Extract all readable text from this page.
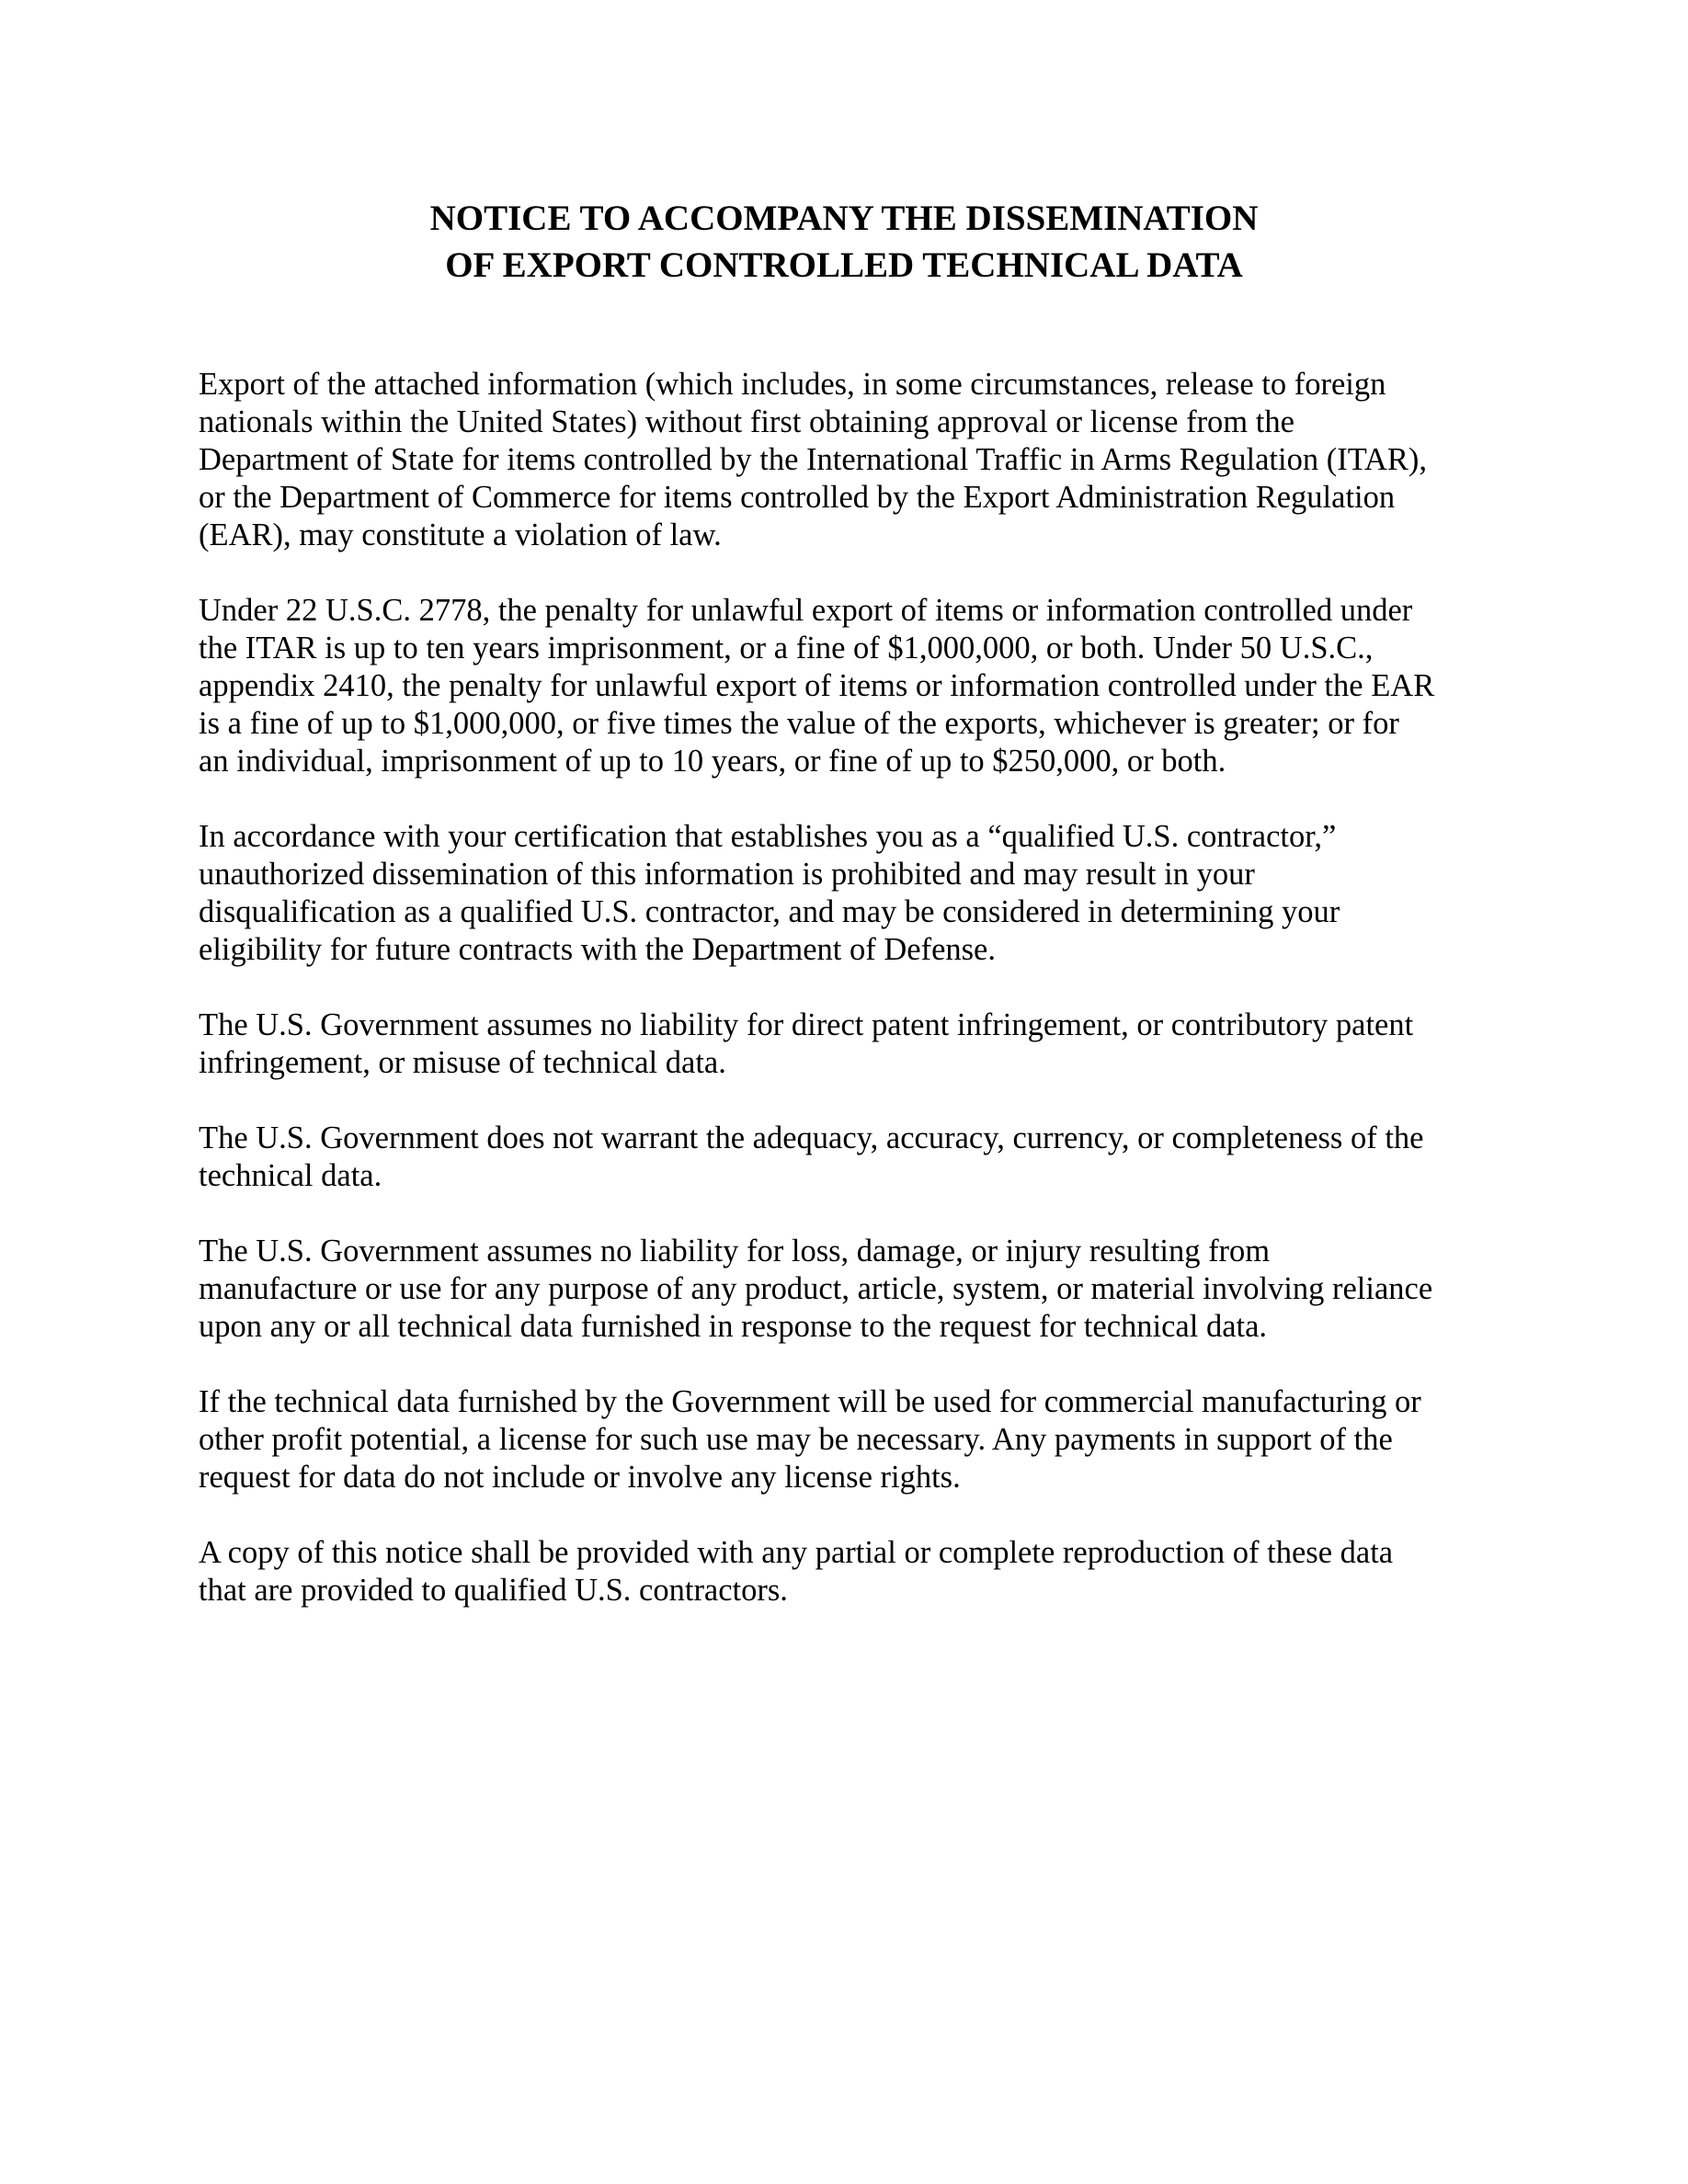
NOTICE TO ACCOMPANY THE DISSEMINATION
OF EXPORT CONTROLLED TECHNICAL DATA

Export of the attached information (which includes, in some circumstances, release to foreign
nationals within the United States) without first obtaining approval or license from the
Department of State for items controlled by the International Traffic in Arms Regulation (ITAR),
or the Department of Commerce for items controlled by the Export Administration Regulation
(EAR), may constitute a violation of law.

Under 22 U.S.C. 2778, the penalty for unlawful export of items or information controlled under
the ITAR is up to ten years imprisonment, or a fine of $1,000,000, or both. Under 50 U.S.C.,
appendix 2410, the penalty for unlawful export of items or information controlled under the EAR
is a fine of up to $1,000,000, or five times the value of the exports, whichever is greater; or for
an individual, imprisonment of up to 10 years, or fine of up to $250,000, or both.

In accordance with your certification that establishes you as a “qualified U.S. contractor,”
unauthorized dissemination of this information is prohibited and may result in your
disqualification as a qualified U.S. contractor, and may be considered in determining your
eligibility for future contracts with the Department of Defense.

The U.S. Government assumes no liability for direct patent infringement, or contributory patent
infringement, or misuse of technical data.

The U.S. Government does not warrant the adequacy, accuracy, currency, or completeness of the
technical data.

The U.S. Government assumes no liability for loss, damage, or injury resulting from
manufacture or use for any purpose of any product, article, system, or material involving reliance
upon any or all technical data furnished in response to the request for technical data.

If the technical data furnished by the Government will be used for commercial manufacturing or
other profit potential, a license for such use may be necessary. Any payments in support of the
request for data do not include or involve any license rights.

A copy of this notice shall be provided with any partial or complete reproduction of these data
that are provided to qualified U.S. contractors.
